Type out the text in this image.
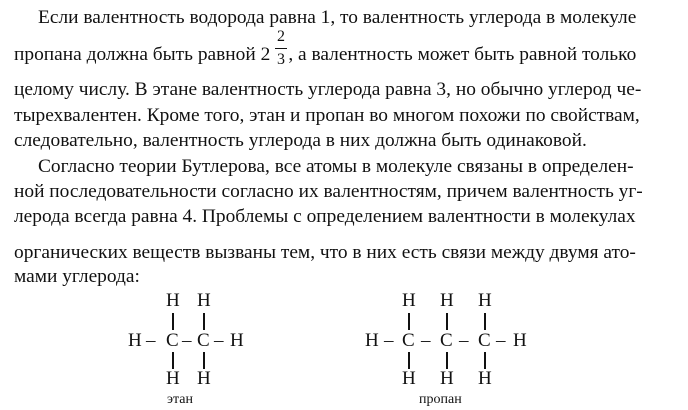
Если валентность водорода равна 1, то валентность углерода в молекуле
пропана должна быть равной 2 , а валентность может быть равной только
2
3
целому числу. В этане валентность углерода равна 3, но обычно углерод че-
тырехвалентен. Кроме того, этан и пропан во многом похожи по свойствам,
следовательно, валентность углерода в них должна быть одинаковой.
Согласно теории Бутлерова, все атомы в молекуле связаны в определен-
ной последовательности согласно их валентностям, причем валентность уг-
лерода всегда равна 4. Проблемы с определением валентности в молекулах
органических веществ вызваны тем, что в них есть связи между двумя ато-
мами углерода:
H H
H – C – C – H
H H
этан
H H H
H – C – C – C – H
H H H
пропан
